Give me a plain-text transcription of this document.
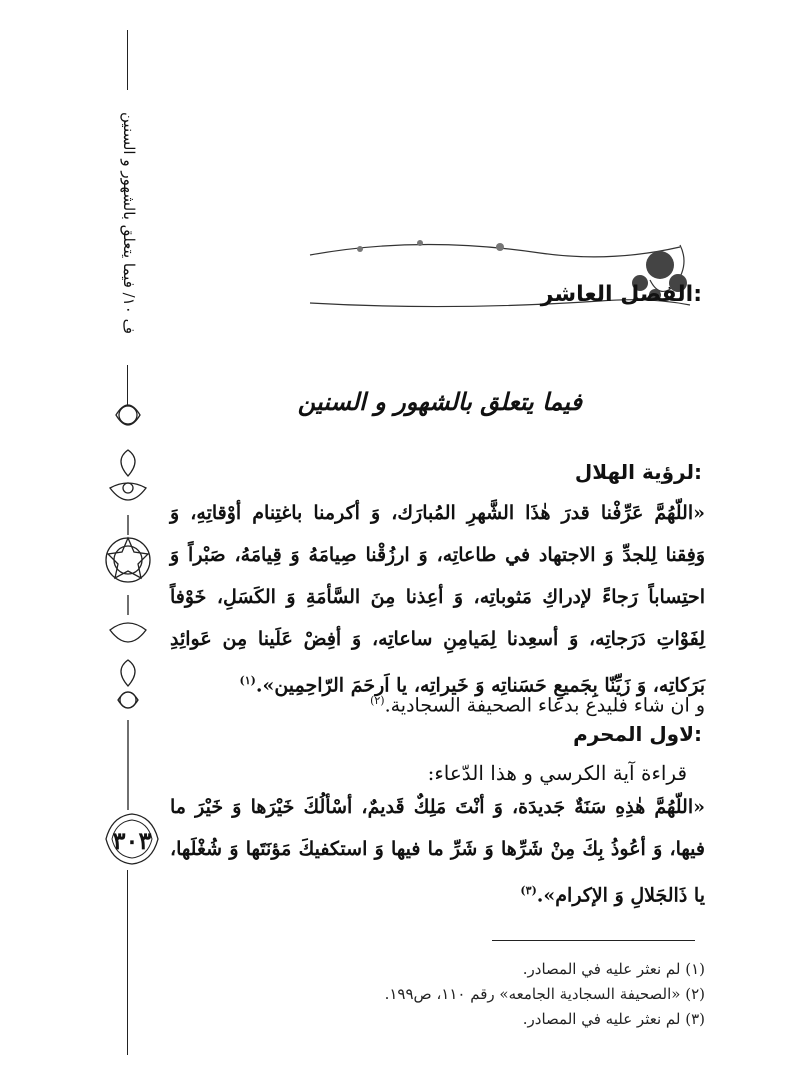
ف ١٠/ فيما يتعلق بالشهور و السنين
٣٠٣
الفصل العاشر:
فيما يتعلق بالشهور و السنين
لرؤية الهلال:
«اللّهُمَّ عَرِّفْنا قدرَ هٰذَا الشَّهرِ المُبارَك، وَ أكرمنا باغتِنام أوْقاتِهِ، وَ وَفِقنا لِلجدِّ وَ الاجتهاد في طاعاتِه، وَ ارزُقْنا صِيامَهُ وَ قِيامَهُ، صَبْراً وَ احتِساباً رَجاءً لإدراكِ مَثوباتِه، وَ أعِذنا مِنَ السَّأمَةِ وَ الكَسَلِ، خَوْفاً لِفَوْاتِ دَرَجاتِه، وَ أسعِدنا لِمَيامِنِ ساعاتِه، وَ أفِضْ عَلَينا مِن عَوائِدِ بَرَكاتِه، وَ زَيِّنّا بِجَميعِ حَسَناتِه وَ خَيراتِه، يا اَرحَمَ الرّاحِمِين».$^{(١)}$
و ان شاء فليدع بدعاء الصحيفة السجادية.$^{(٢)}$
لاول المحرم:
قراءة آية الكرسي و هذا الدّعاء:
«اللّهُمَّ هٰذِهِ سَنَةٌ جَديدَة، وَ أنْتَ مَلِكٌ قَديمٌ، أسْألُكَ خَيْرَها وَ خَيْرَ ما فيها، وَ أعُوذُ بِكَ مِنْ شَرِّها وَ شَرِّ ما فيها وَ استكفيكَ مَؤنَتَها وَ شُغْلَها، يا ذَالجَلالِ وَ الإكرام».$^{(٣)}$
(١) لم نعثر عليه في المصادر.
(٢) «الصحيفة السجادية الجامعه» رقم ١١٠، ص١٩٩.
(٣) لم نعثر عليه في المصادر.
